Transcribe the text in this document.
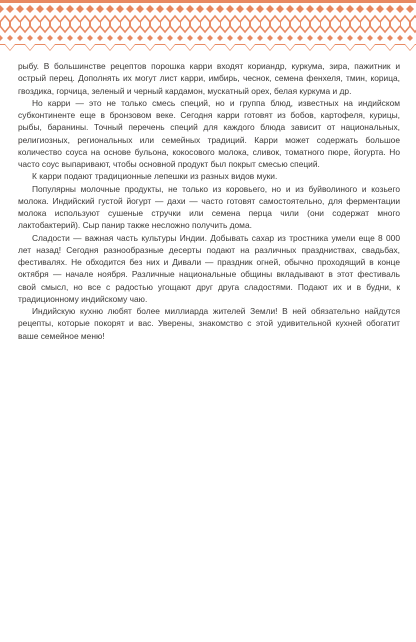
рыбу. В большинстве рецептов порошка карри входят кориандр, куркума, зира, пажитник и острый перец. Дополнять их могут лист карри, имбирь, чеснок, семена фенхеля, тмин, корица, гвоздика, горчица, зеленый и черный кардамон, мускатный орех, белая куркума и др.

Но карри — это не только смесь специй, но и группа блюд, известных на индийском субконтиненте еще в бронзовом веке. Сегодня карри готовят из бобов, картофеля, курицы, рыбы, баранины. Точный перечень специй для каждого блюда зависит от национальных, религиозных, региональных или семейных традиций. Карри может содержать большое количество соуса на основе бульона, кокосового молока, сливок, томатного пюре, йогурта. Но часто соус выпаривают, чтобы основной продукт был покрыт смесью специй.

К карри подают традиционные лепешки из разных видов муки.

Популярны молочные продукты, не только из коровьего, но и из буйволиного и козьего молока. Индийский густой йогурт — дахи — часто готовят самостоятельно, для ферментации молока используют сушеные стручки или семена перца чили (они содержат много лактобактерий). Сыр панир также несложно получить дома.

Сладости — важная часть культуры Индии. Добывать сахар из тростника умели еще 8 000 лет назад! Сегодня разнообразные десерты подают на различных праздниствах, свадьбах, фестивалях. Не обходится без них и Дивали — праздник огней, обычно проходящий в конце октября — начале ноября. Различные национальные общины вкладывают в этот фестиваль свой смысл, но все с радостью угощают друг друга сладостями. Подают их и в будни, к традиционному индийскому чаю.

Индийскую кухню любят более миллиарда жителей Земли! В ней обязательно найдутся рецепты, которые покорят и вас. Уверены, знакомство с этой удивительной кухней обогатит ваше семейное меню!
